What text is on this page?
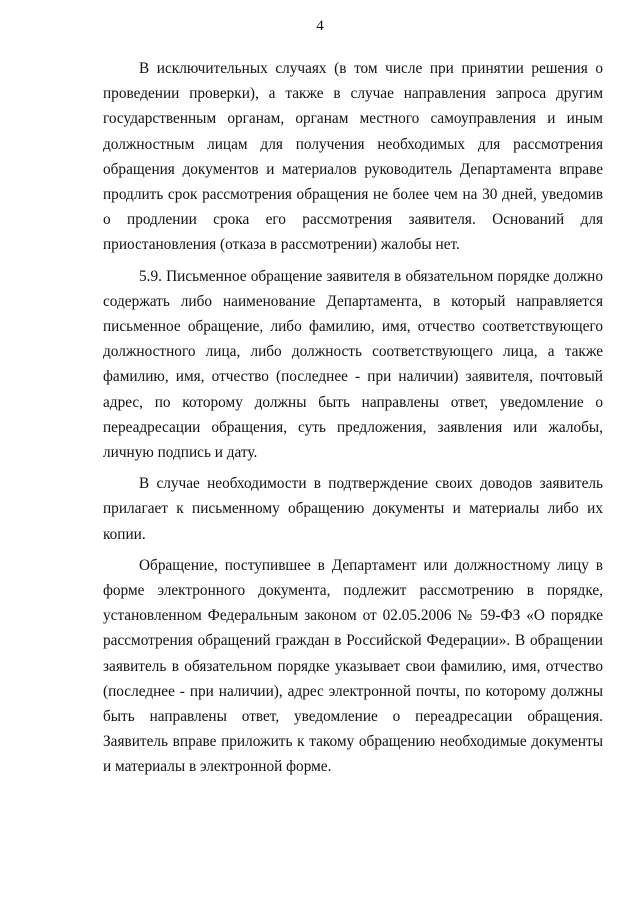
4

В исключительных случаях (в том числе при принятии решения о проведении проверки), а также в случае направления запроса другим государственным органам, органам местного самоуправления и иным должностным лицам для получения необходимых для рассмотрения обращения документов и материалов руководитель Департамента вправе продлить срок рассмотрения обращения не более чем на 30 дней, уведомив о продлении срока его рассмотрения заявителя. Оснований для приостановления (отказа в рассмотрении) жалобы нет.

5.9. Письменное обращение заявителя в обязательном порядке должно содержать либо наименование Департамента, в который направляется письменное обращение, либо фамилию, имя, отчество соответствующего должностного лица, либо должность соответствующего лица, а также фамилию, имя, отчество (последнее - при наличии) заявителя, почтовый адрес, по которому должны быть направлены ответ, уведомление о переадресации обращения, суть предложения, заявления или жалобы, личную подпись и дату.

В случае необходимости в подтверждение своих доводов заявитель прилагает к письменному обращению документы и материалы либо их копии.

Обращение, поступившее в Департамент или должностному лицу в форме электронного документа, подлежит рассмотрению в порядке, установленном Федеральным законом от 02.05.2006 № 59-ФЗ «О порядке рассмотрения обращений граждан в Российской Федерации». В обращении заявитель в обязательном порядке указывает свои фамилию, имя, отчество (последнее - при наличии), адрес электронной почты, по которому должны быть направлены ответ, уведомление о переадресации обращения. Заявитель вправе приложить к такому обращению необходимые документы и материалы в электронной форме.
